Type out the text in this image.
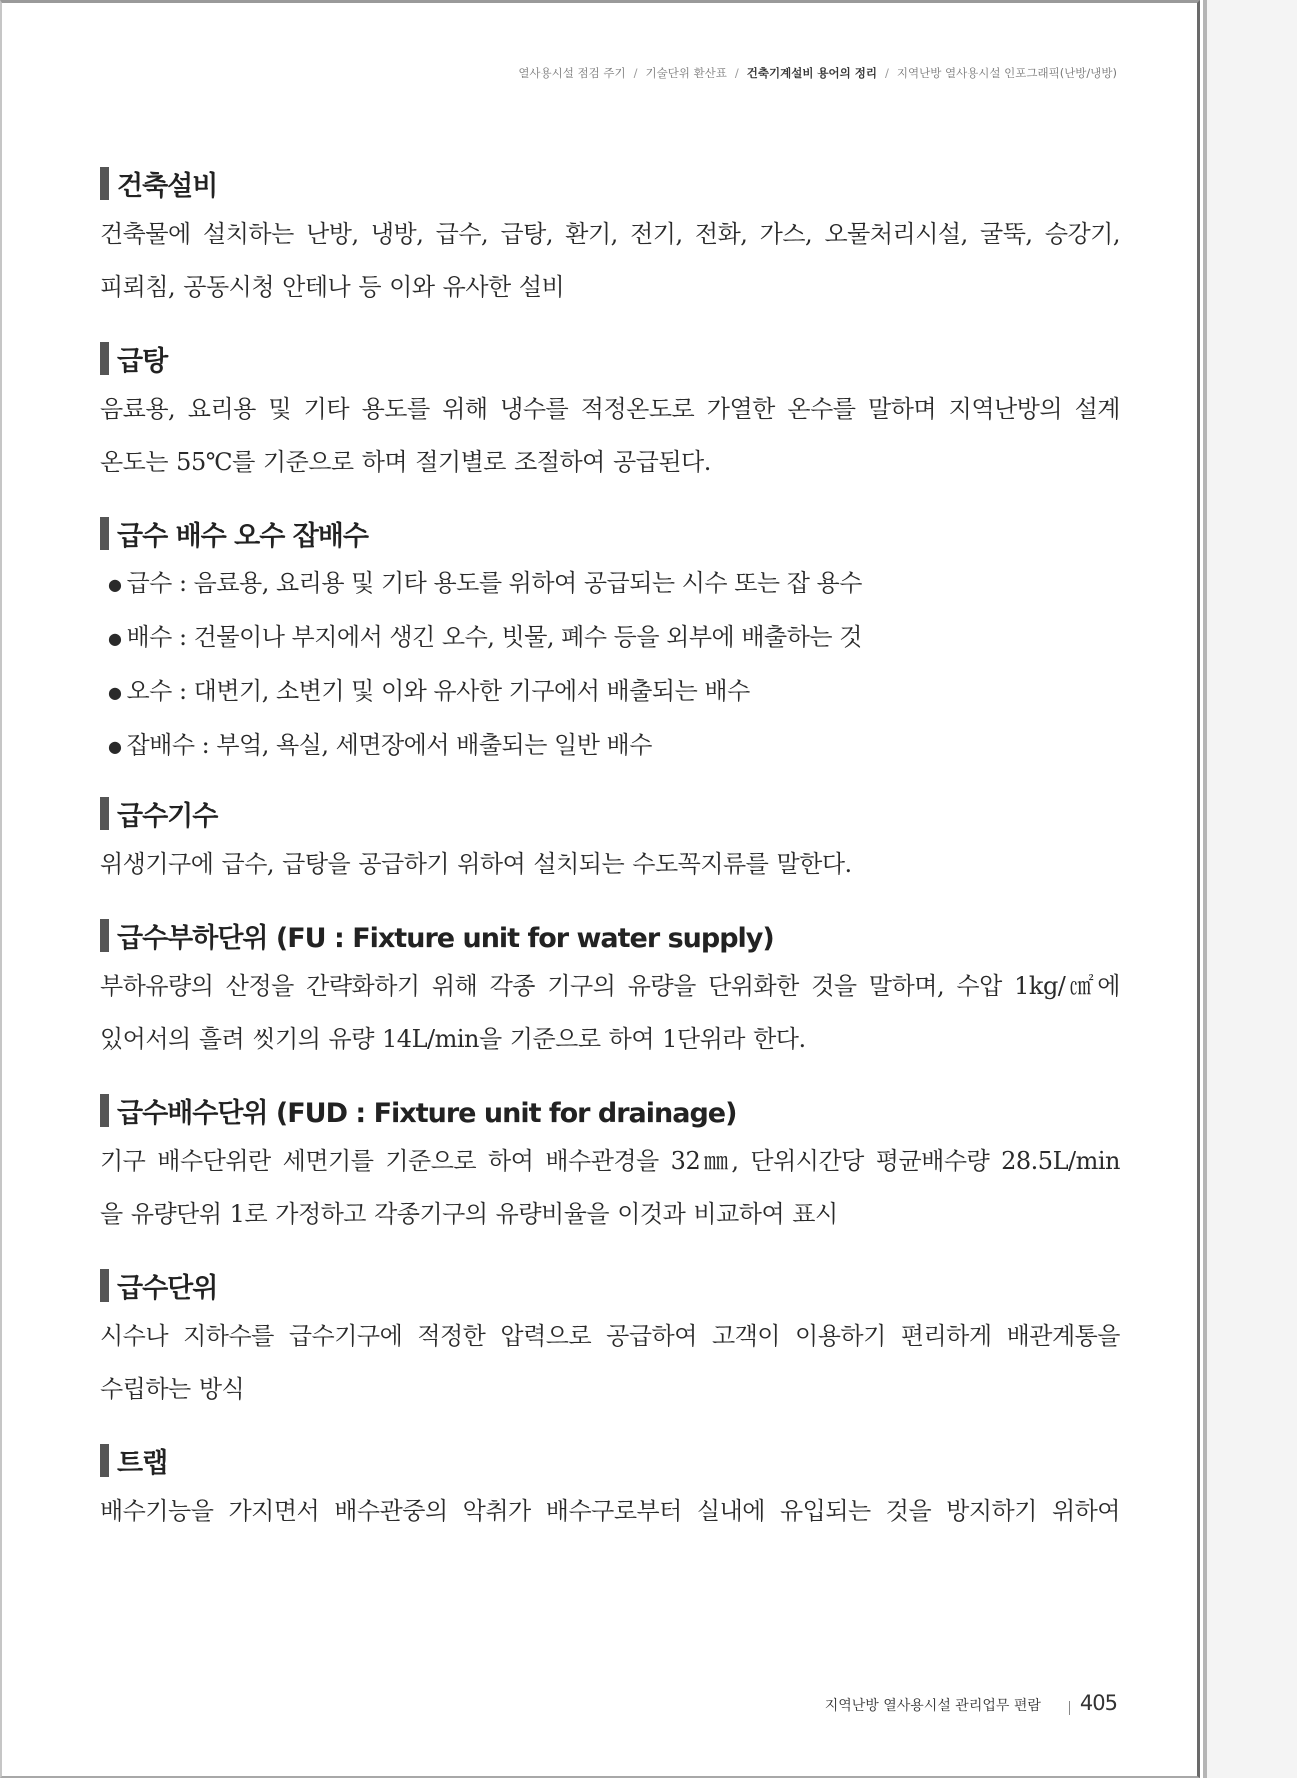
열사용시설 점검 주기 / 기술단위 환산표 / 건축기계설비 용어의 정리 / 지역난방 열사용시설 인포그래픽(난방/냉방)
건축설비
건축물에 설치하는 난방, 냉방, 급수, 급탕, 환기, 전기, 전화, 가스, 오물처리시설, 굴뚝, 승강기,
피뢰침, 공동시청 안테나 등 이와 유사한 설비
급탕
음료용, 요리용 및 기타 용도를 위해 냉수를 적정온도로 가열한 온수를 말하며 지역난방의 설계
온도는 55℃를 기준으로 하며 절기별로 조절하여 공급된다.
급수 배수 오수 잡배수
● 급수 : 음료용, 요리용 및 기타 용도를 위하여 공급되는 시수 또는 잡 용수
● 배수 : 건물이나 부지에서 생긴 오수, 빗물, 폐수 등을 외부에 배출하는 것
● 오수 : 대변기, 소변기 및 이와 유사한 기구에서 배출되는 배수
● 잡배수 : 부엌, 욕실, 세면장에서 배출되는 일반 배수
급수기수
위생기구에 급수, 급탕을 공급하기 위하여 설치되는 수도꼭지류를 말한다.
급수부하단위 (FU : Fixture unit for water supply)
부하유량의 산정을 간략화하기 위해 각종 기구의 유량을 단위화한 것을 말하며, 수압 1kg/㎠에
있어서의 흘려 씻기의 유량 14L/min을 기준으로 하여 1단위라 한다.
급수배수단위 (FUD : Fixture unit for drainage)
기구 배수단위란 세면기를 기준으로 하여 배수관경을 32㎜, 단위시간당 평균배수량 28.5L/min
을 유량단위 1로 가정하고 각종기구의 유량비율을 이것과 비교하여 표시
급수단위
시수나 지하수를 급수기구에 적정한 압력으로 공급하여 고객이 이용하기 편리하게 배관계통을
수립하는 방식
트랩
배수기능을 가지면서 배수관중의 악취가 배수구로부터 실내에 유입되는 것을 방지하기 위하여
지역난방 열사용시설 관리업무 편람 405
